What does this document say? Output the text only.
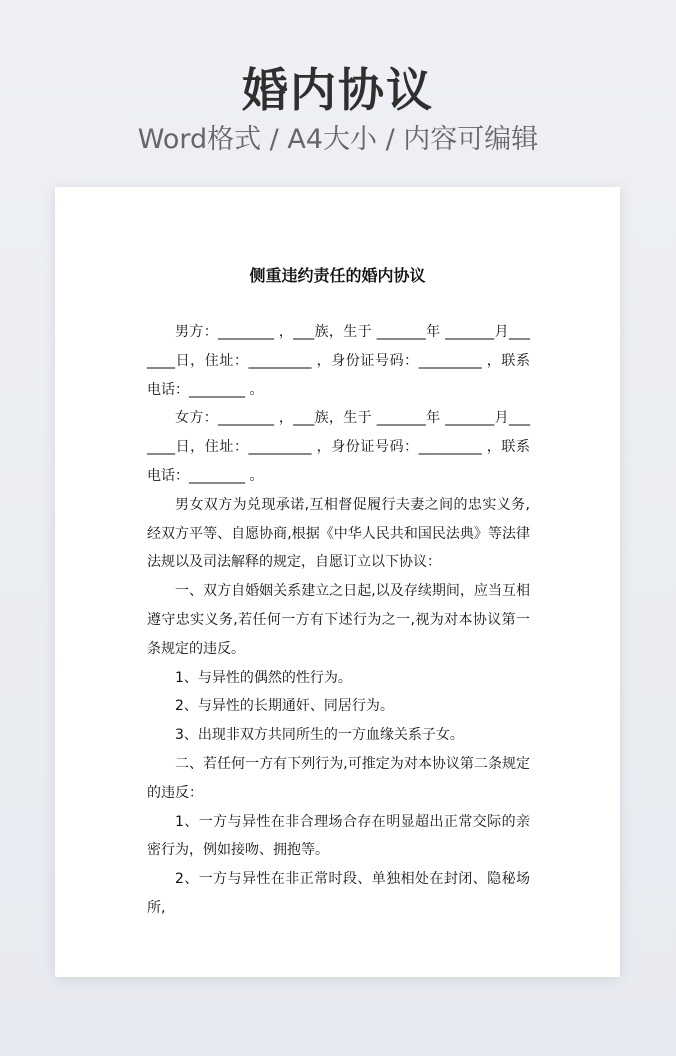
婚内协议
Word格式 / A4大小 / 内容可编辑
侧重违约责任的婚内协议

男方：________ ，___族，生于 _______年 _______月_______日，住址：_________ ，身份证号码：_________ ，联系电话：________ 。

女方：________ ，___族，生于 _______年 _______月_______日，住址：_________ ，身份证号码：_________ ，联系电话：________ 。

男女双方为兑现承诺,互相督促履行夫妻之间的忠实义务,经双方平等、自愿协商,根据《中华人民共和国民法典》等法律法规以及司法解释的规定，自愿订立以下协议：

一、双方自婚姻关系建立之日起,以及存续期间，应当互相遵守忠实义务,若任何一方有下述行为之一,视为对本协议第一条规定的违反。

1、与异性的偶然的性行为。

2、与异性的长期通奸、同居行为。

3、出现非双方共同所生的一方血缘关系子女。

二、若任何一方有下列行为,可推定为对本协议第二条规定的违反：

1、一方与异性在非合理场合存在明显超出正常交际的亲密行为，例如接吻、拥抱等。

2、一方与异性在非正常时段、单独相处在封闭、隐秘场所,
